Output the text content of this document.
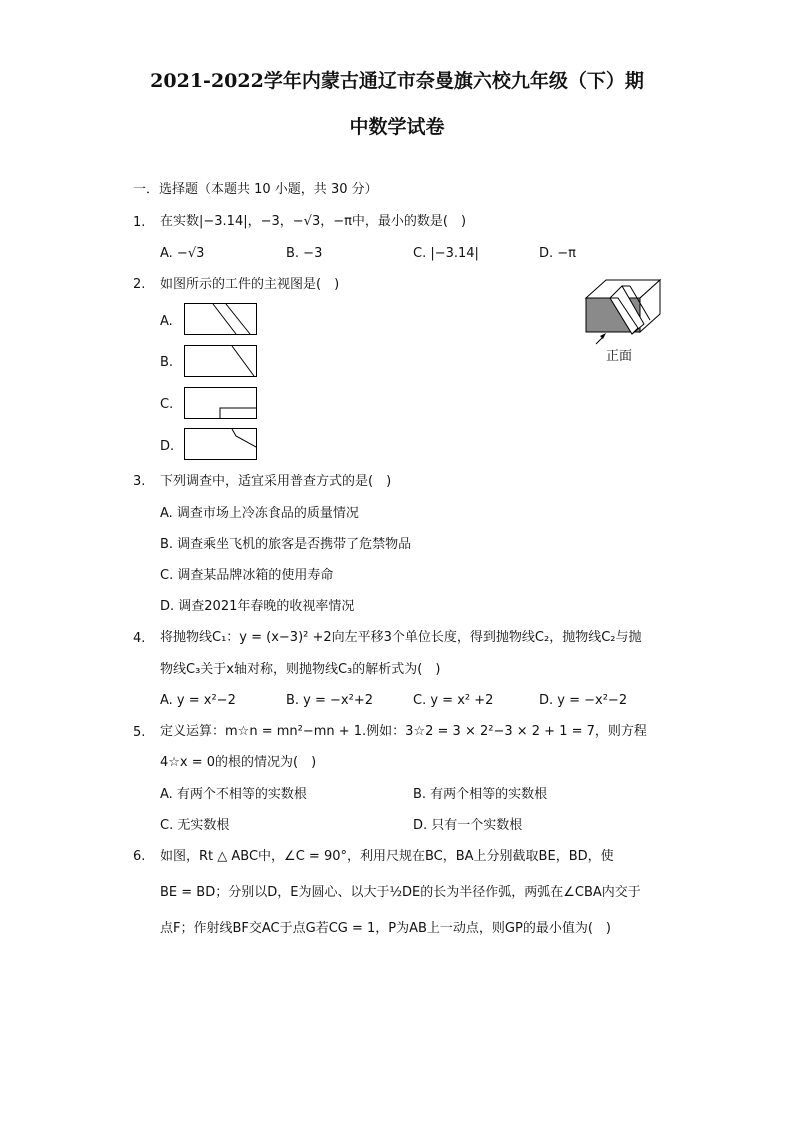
2021-2022学年内蒙古通辽市奈曼旗六校九年级（下）期
中数学试卷
一．选择题（本题共 10 小题，共 30 分）
1. 在实数|−3.14|，−3，−√3，−π中，最小的数是(　)
A. −√3	B. −3	C. |−3.14|	D. −π
2. 如图所示的工件的主视图是(　)
A.
B.
C.
D.
正面
3. 下列调查中，适宜采用普查方式的是(　)
A. 调查市场上冷冻食品的质量情况
B. 调查乘坐飞机的旅客是否携带了危禁物品
C. 调查某品牌冰箱的使用寿命
D. 调查2021年春晚的收视率情况
4. 将抛物线C₁：y = (x−3)² +2向左平移3个单位长度，得到抛物线C₂，抛物线C₂与抛
物线C₃关于x轴对称，则抛物线C₃的解析式为(　)
A. y = x²−2	B. y = −x²+2	C. y = x² +2	D. y = −x²−2
5. 定义运算：m☆n = mn²−mn + 1.例如：3☆2 = 3 × 2²−3 × 2 + 1 = 7，则方程
4☆x = 0的根的情况为(　)
A. 有两个不相等的实数根	B. 有两个相等的实数根
C. 无实数根	D. 只有一个实数根
6. 如图，Rt △ ABC中，∠C = 90°，利用尺规在BC，BA上分别截取BE，BD，使
BE = BD；分别以D，E为圆心、以大于½DE的长为半径作弧，两弧在∠CBA内交于
点F；作射线BF交AC于点G若CG = 1，P为AB上一动点，则GP的最小值为(　)
